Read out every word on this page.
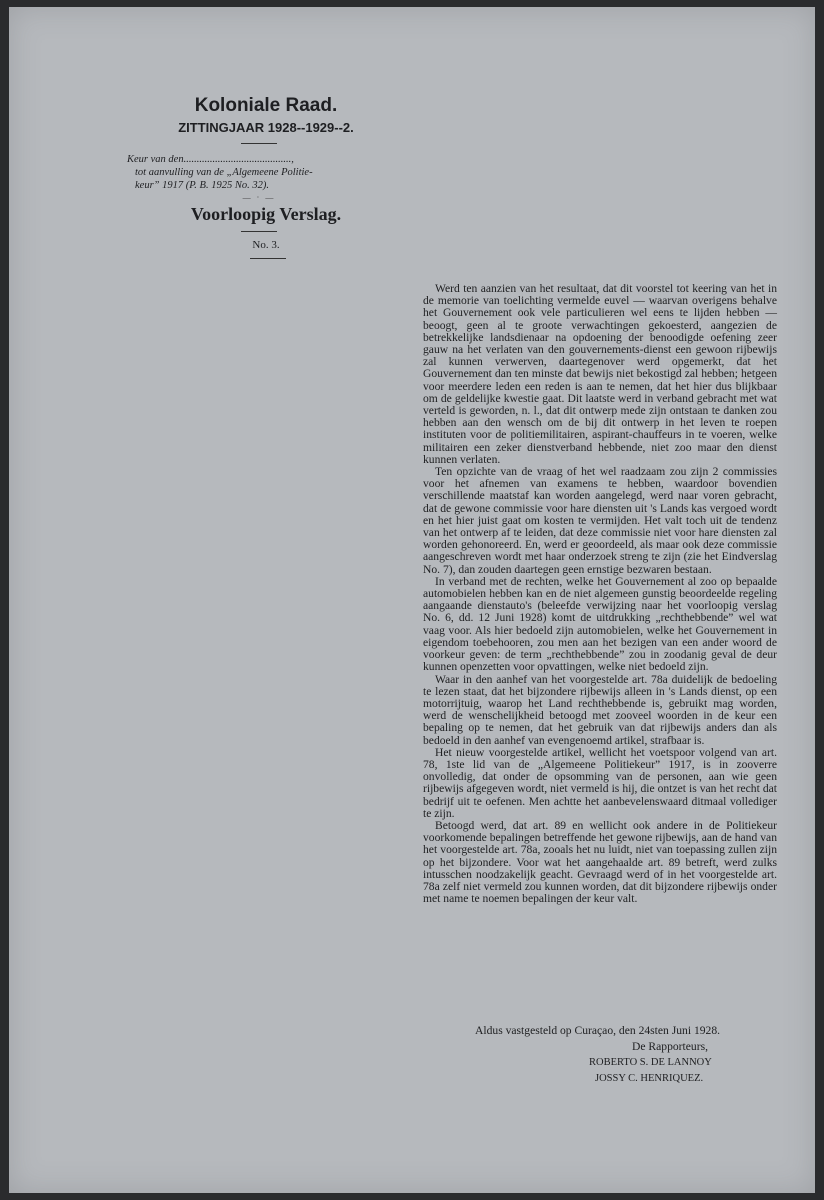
Koloniale Raad.
ZITTINGJAAR 1928--1929--2.
Keur van den.........................................,
tot aanvulling van de „Algemeene Politie-
keur” 1917 (P. B. 1925 No. 32).
— · —
Voorloopig Verslag.
No. 3.

Werd ten aanzien van het resultaat, dat dit voorstel tot keering van het in de memorie van toelichting vermelde euvel — waarvan overigens behalve het Gouvernement ook vele particulieren wel eens te lijden hebben — beoogt, geen al te groote verwachtingen gekoesterd, aangezien de betrekkelijke landsdienaar na opdoening der benoodigde oefening zeer gauw na het verlaten van den gouvernements-dienst een gewoon rijbewijs zal kunnen verwerven, daartegenover werd opgemerkt, dat het Gouvernement dan ten minste dat bewijs niet bekostigd zal hebben; hetgeen voor meerdere leden een reden is aan te nemen, dat het hier dus blijkbaar om de geldelijke kwestie gaat. Dit laatste werd in verband gebracht met wat verteld is geworden, n. l., dat dit ontwerp mede zijn ontstaan te danken zou hebben aan den wensch om de bij dit ontwerp in het leven te roepen instituten voor de politiemilitairen, aspirant-chauffeurs in te voeren, welke militairen een zeker dienstverband hebbende, niet zoo maar den dienst kunnen verlaten.

Ten opzichte van de vraag of het wel raadzaam zou zijn 2 commissies voor het afnemen van examens te hebben, waardoor bovendien verschillende maatstaf kan worden aangelegd, werd naar voren gebracht, dat de gewone commissie voor hare diensten uit 's Lands kas vergoed wordt en het hier juist gaat om kosten te vermijden. Het valt toch uit de tendenz van het ontwerp af te leiden, dat deze commissie niet voor hare diensten zal worden gehonoreerd. En, werd er geoordeeld, als maar ook deze commissie aangeschreven wordt met haar onderzoek streng te zijn (zie het Eindverslag No. 7), dan zouden daartegen geen ernstige bezwaren bestaan.

In verband met de rechten, welke het Gouvernement al zoo op bepaalde automobielen hebben kan en de niet algemeen gunstig beoordeelde regeling aangaande dienstauto's (beleefde verwijzing naar het voorloopig verslag No. 6, dd. 12 Juni 1928) komt de uitdrukking „rechthebbende” wel wat vaag voor. Als hier bedoeld zijn automobielen, welke het Gouvernement in eigendom toebehooren, zou men aan het bezigen van een ander woord de voorkeur geven: de term „rechthebbende” zou in zoodanig geval de deur kunnen openzetten voor opvattingen, welke niet bedoeld zijn.

Waar in den aanhef van het voorgestelde art. 78a duidelijk de bedoeling te lezen staat, dat het bijzondere rijbewijs alleen in 's Lands dienst, op een motorrijtuig, waarop het Land rechthebbende is, gebruikt mag worden, werd de wenschelijkheid betoogd met zooveel woorden in de keur een bepaling op te nemen, dat het gebruik van dat rijbewijs anders dan als bedoeld in den aanhef van evengenoemd artikel, strafbaar is.

Het nieuw voorgestelde artikel, wellicht het voetspoor volgend van art. 78, 1ste lid van de „Algemeene Politiekeur” 1917, is in zooverre onvolledig, dat onder de opsomming van de personen, aan wie geen rijbewijs afgegeven wordt, niet vermeld is hij, die ontzet is van het recht dat bedrijf uit te oefenen. Men achtte het aanbevelenswaard ditmaal vollediger te zijn.

Betoogd werd, dat art. 89 en wellicht ook andere in de Politiekeur voorkomende bepalingen betreffende het gewone rijbewijs, aan de hand van het voorgestelde art. 78a, zooals het nu luidt, niet van toepassing zullen zijn op het bijzondere. Voor wat het aangehaalde art. 89 betreft, werd zulks intusschen noodzakelijk geacht. Gevraagd werd of in het voorgestelde art. 78a zelf niet vermeld zou kunnen worden, dat dit bijzondere rijbewijs onder met name te noemen bepalingen der keur valt.

Aldus vastgesteld op Curaçao, den 24sten Juni 1928.
De Rapporteurs,
ROBERTO S. DE LANNOY
JOSSY C. HENRIQUEZ.
